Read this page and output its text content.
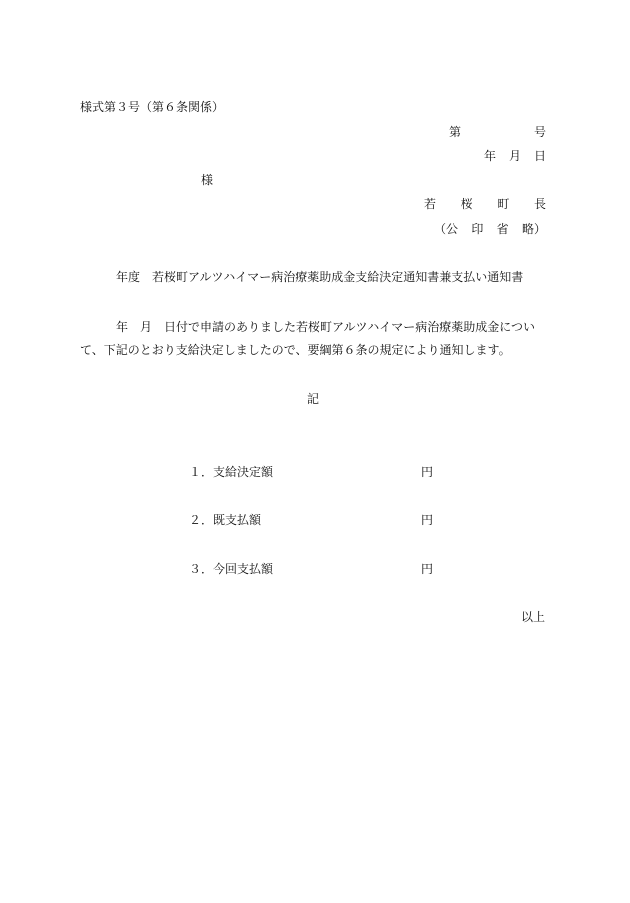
様式第３号（第６条関係）
第	号
年 月 日
様
若 桜 町 長
（公 印 省 略）
年度　若桜町アルツハイマー病治療薬助成金支給決定通知書兼支払い通知書

年　月　日付で申請のありました若桜町アルツハイマー病治療薬助成金につい

て、下記のとおり支給決定しましたので、要綱第６条の規定により通知します。

記
１．支給決定額	円
２．既支払額	円
３．今回支払額	円
以上
